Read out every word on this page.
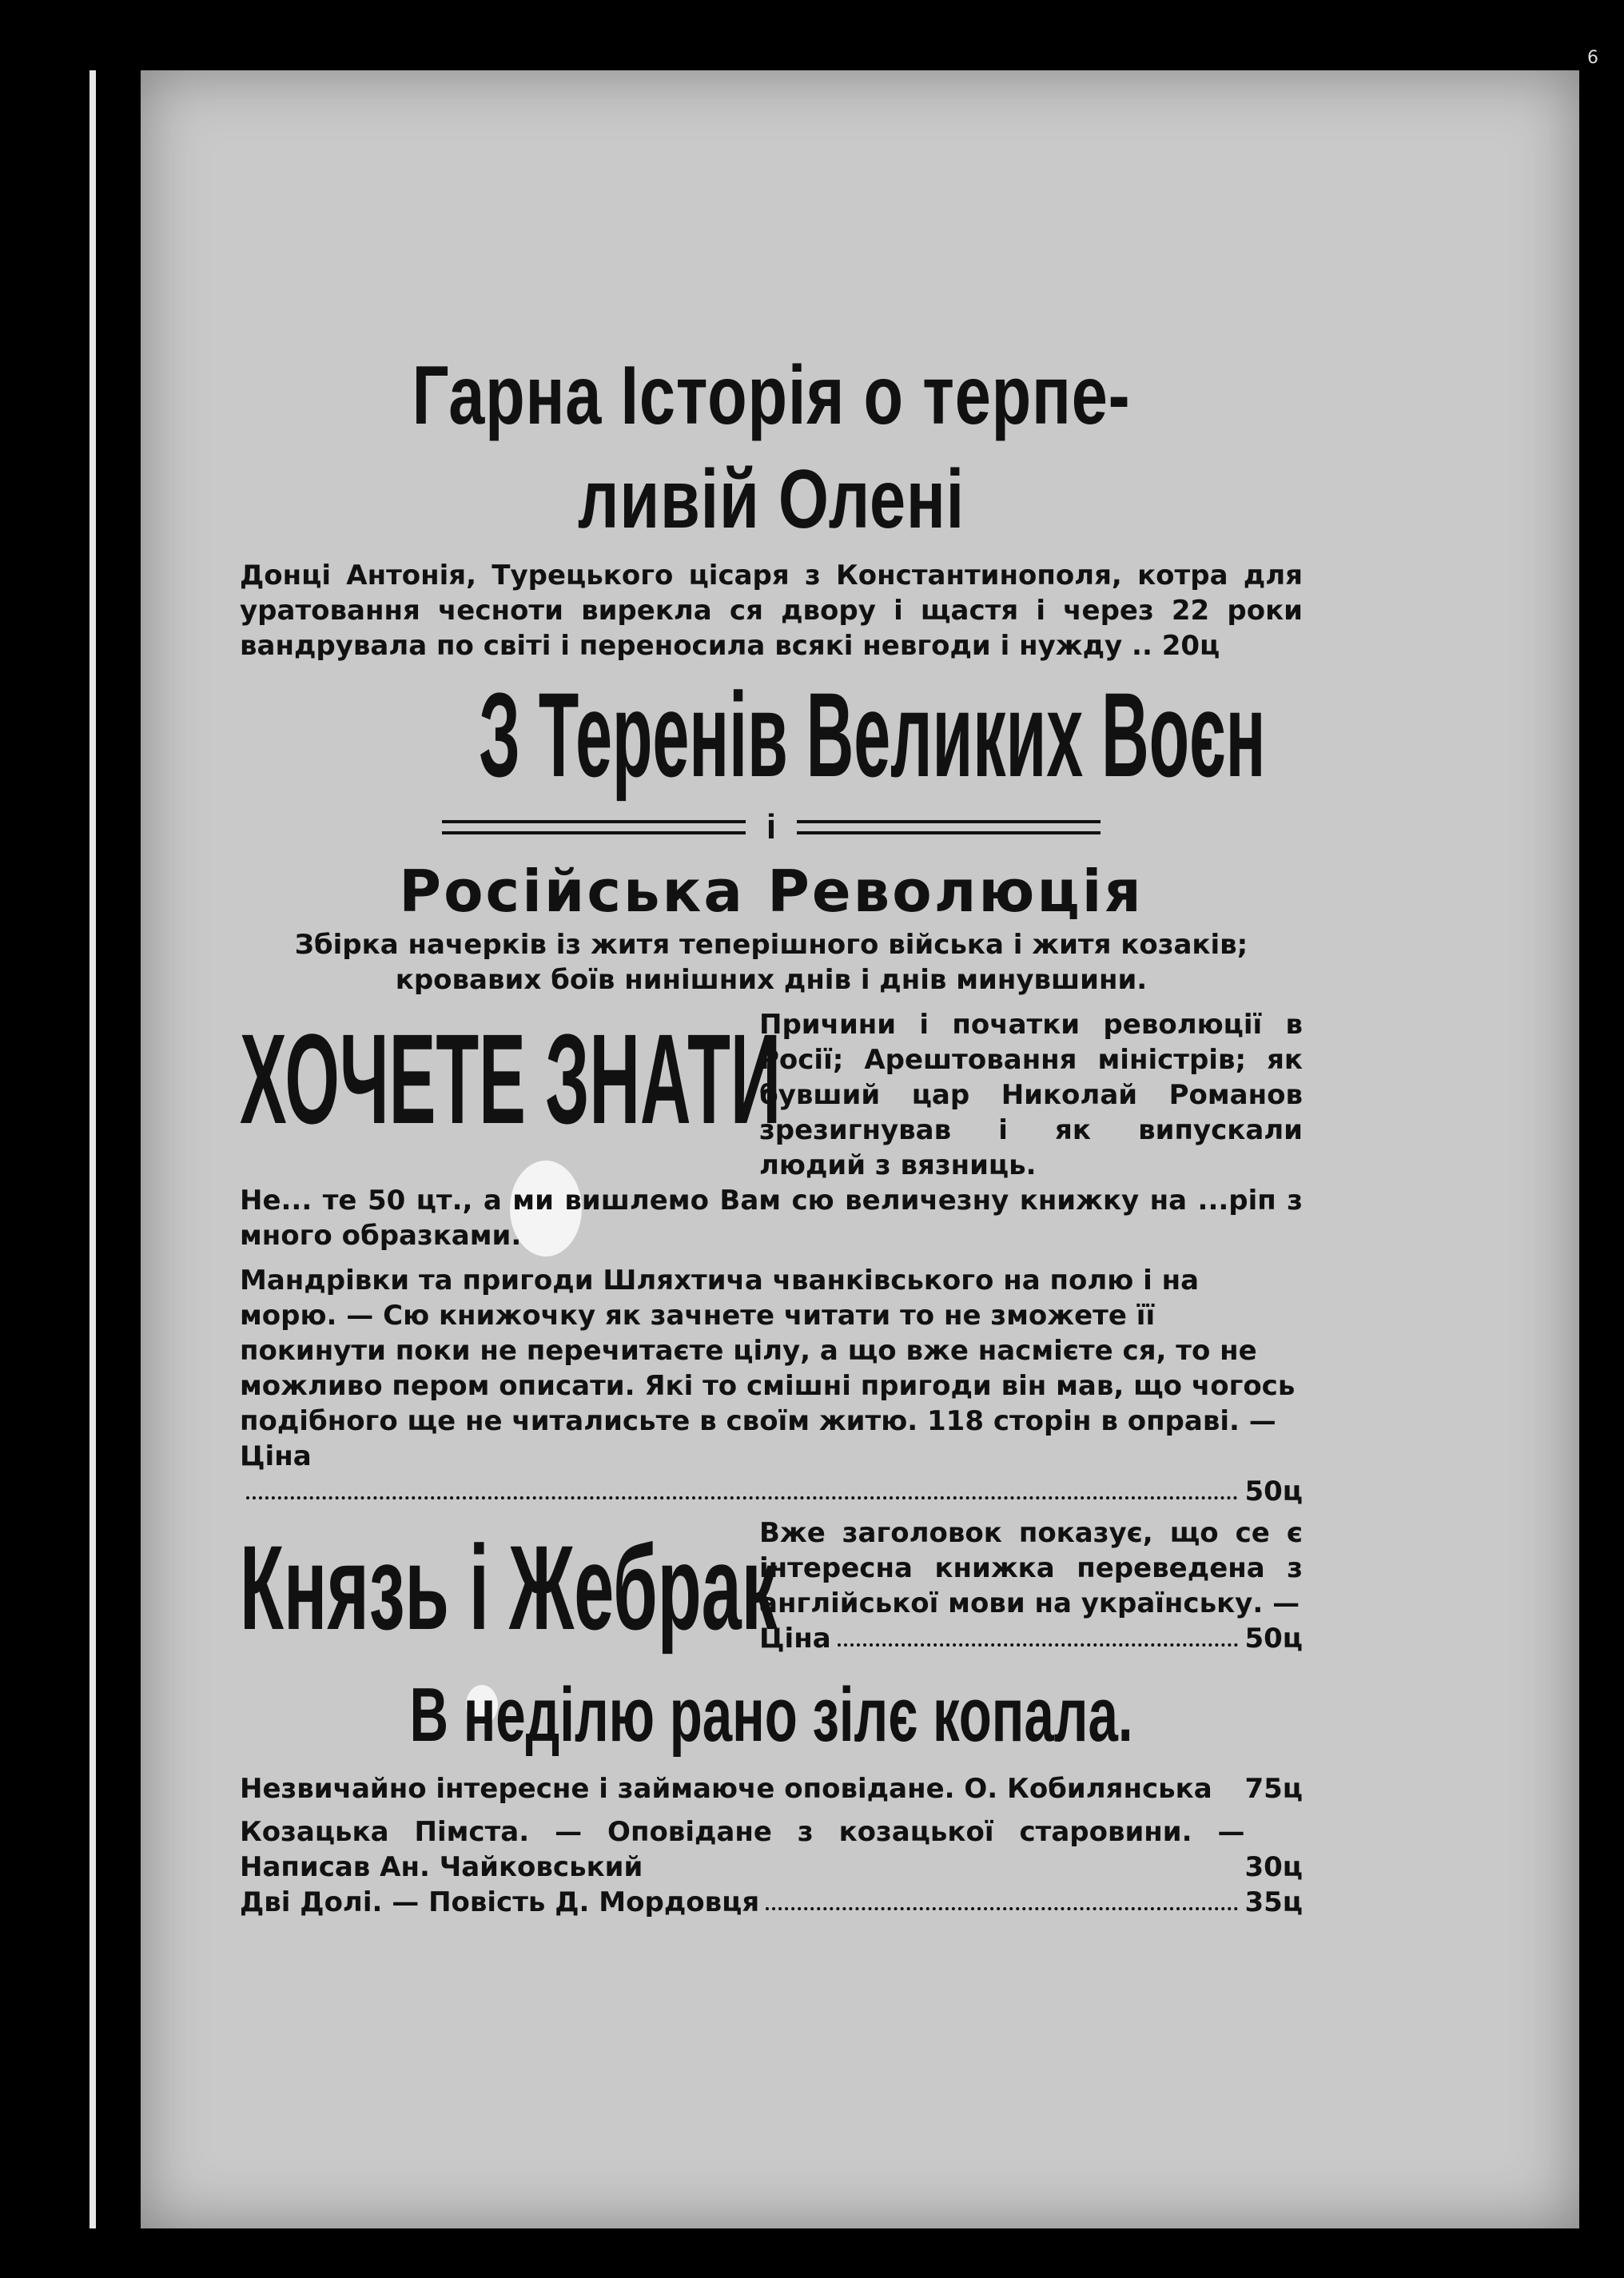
6
Гарна Історія о терпе-
ливій Олені
Донці Антонія, Турецького цісаря з Константинополя, котра для уратовання чесноти вирекла ся двору і щастя і через 22 роки вандрувала по світі і переносила всякі невгоди і нужду .. 20ц
З Теренів Великих Воєн
і
Російська Революція
Збірка начерків із житя теперішного війська і житя козаків; кровавих боїв нинішних днів і днів минувшини.
ХОЧЕТЕ ЗНАТИ
Причини і початки революції в Росії; Арештовання міністрів; як бувший цар Николай Романов зрезигнував і як випускали людий з вязниць.
Не... те 50 цт., а ми вишлемо Вам сю величезну книжку на ...ріп з много образками.
Мандрівки та пригоди Шляхтича чванківського на полю і на морю. — Сю книжочку як зачнете читати то не зможете її покинути поки не перечитаєте цілу, а що вже насмієте ся, то не можливо пером описати. Які то смішні пригоди він мав, що чогось подібного ще не читалисьте в своїм житю. 118 сторін в оправі. — Ціна
50ц
Князь і Жебрак
Вже заголовок показує, що се є інтересна книжка переведена з англійської мови на українську. —
Ціна	50ц
В неділю рано зілє копала.
Незвичайно інтересне і займаюче оповідане. О. Кобилянська 75ц
Козацька Пімста. — Оповідане з козацької старовини. — Написав Ан. Чайковський	30ц
Дві Долі. — Повість Д. Мордовця	35ц
